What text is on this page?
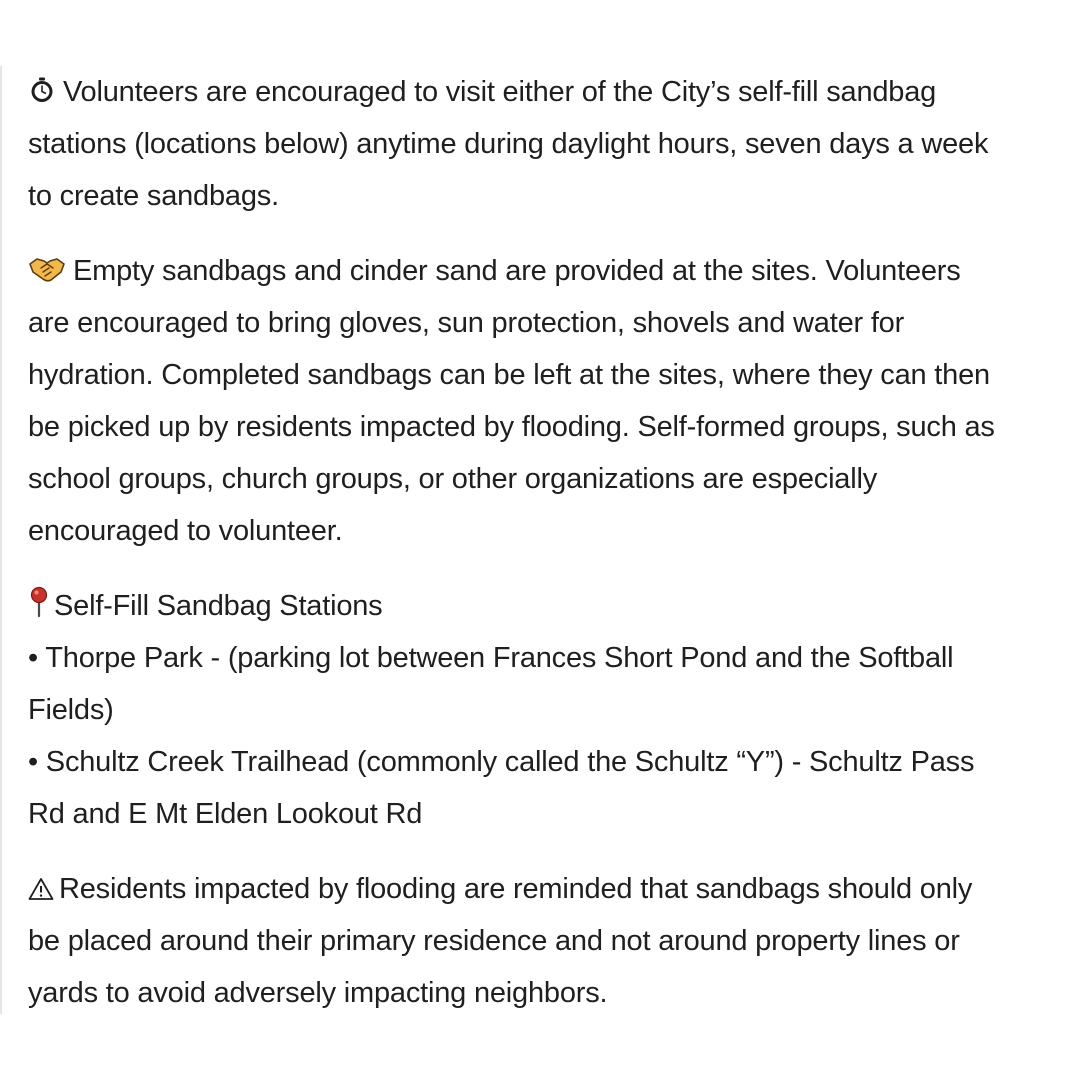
Volunteers are encouraged to visit either of the City’s self-fill sandbag
stations (locations below) anytime during daylight hours, seven days a week
to create sandbags.
Empty sandbags and cinder sand are provided at the sites. Volunteers
are encouraged to bring gloves, sun protection, shovels and water for
hydration. Completed sandbags can be left at the sites, where they can then
be picked up by residents impacted by flooding. Self-formed groups, such as
school groups, church groups, or other organizations are especially
encouraged to volunteer.
Self-Fill Sandbag Stations
• Thorpe Park - (parking lot between Frances Short Pond and the Softball
Fields)
• Schultz Creek Trailhead (commonly called the Schultz “Y”) - Schultz Pass
Rd and E Mt Elden Lookout Rd
Residents impacted by flooding are reminded that sandbags should only
be placed around their primary residence and not around property lines or
yards to avoid adversely impacting neighbors.
